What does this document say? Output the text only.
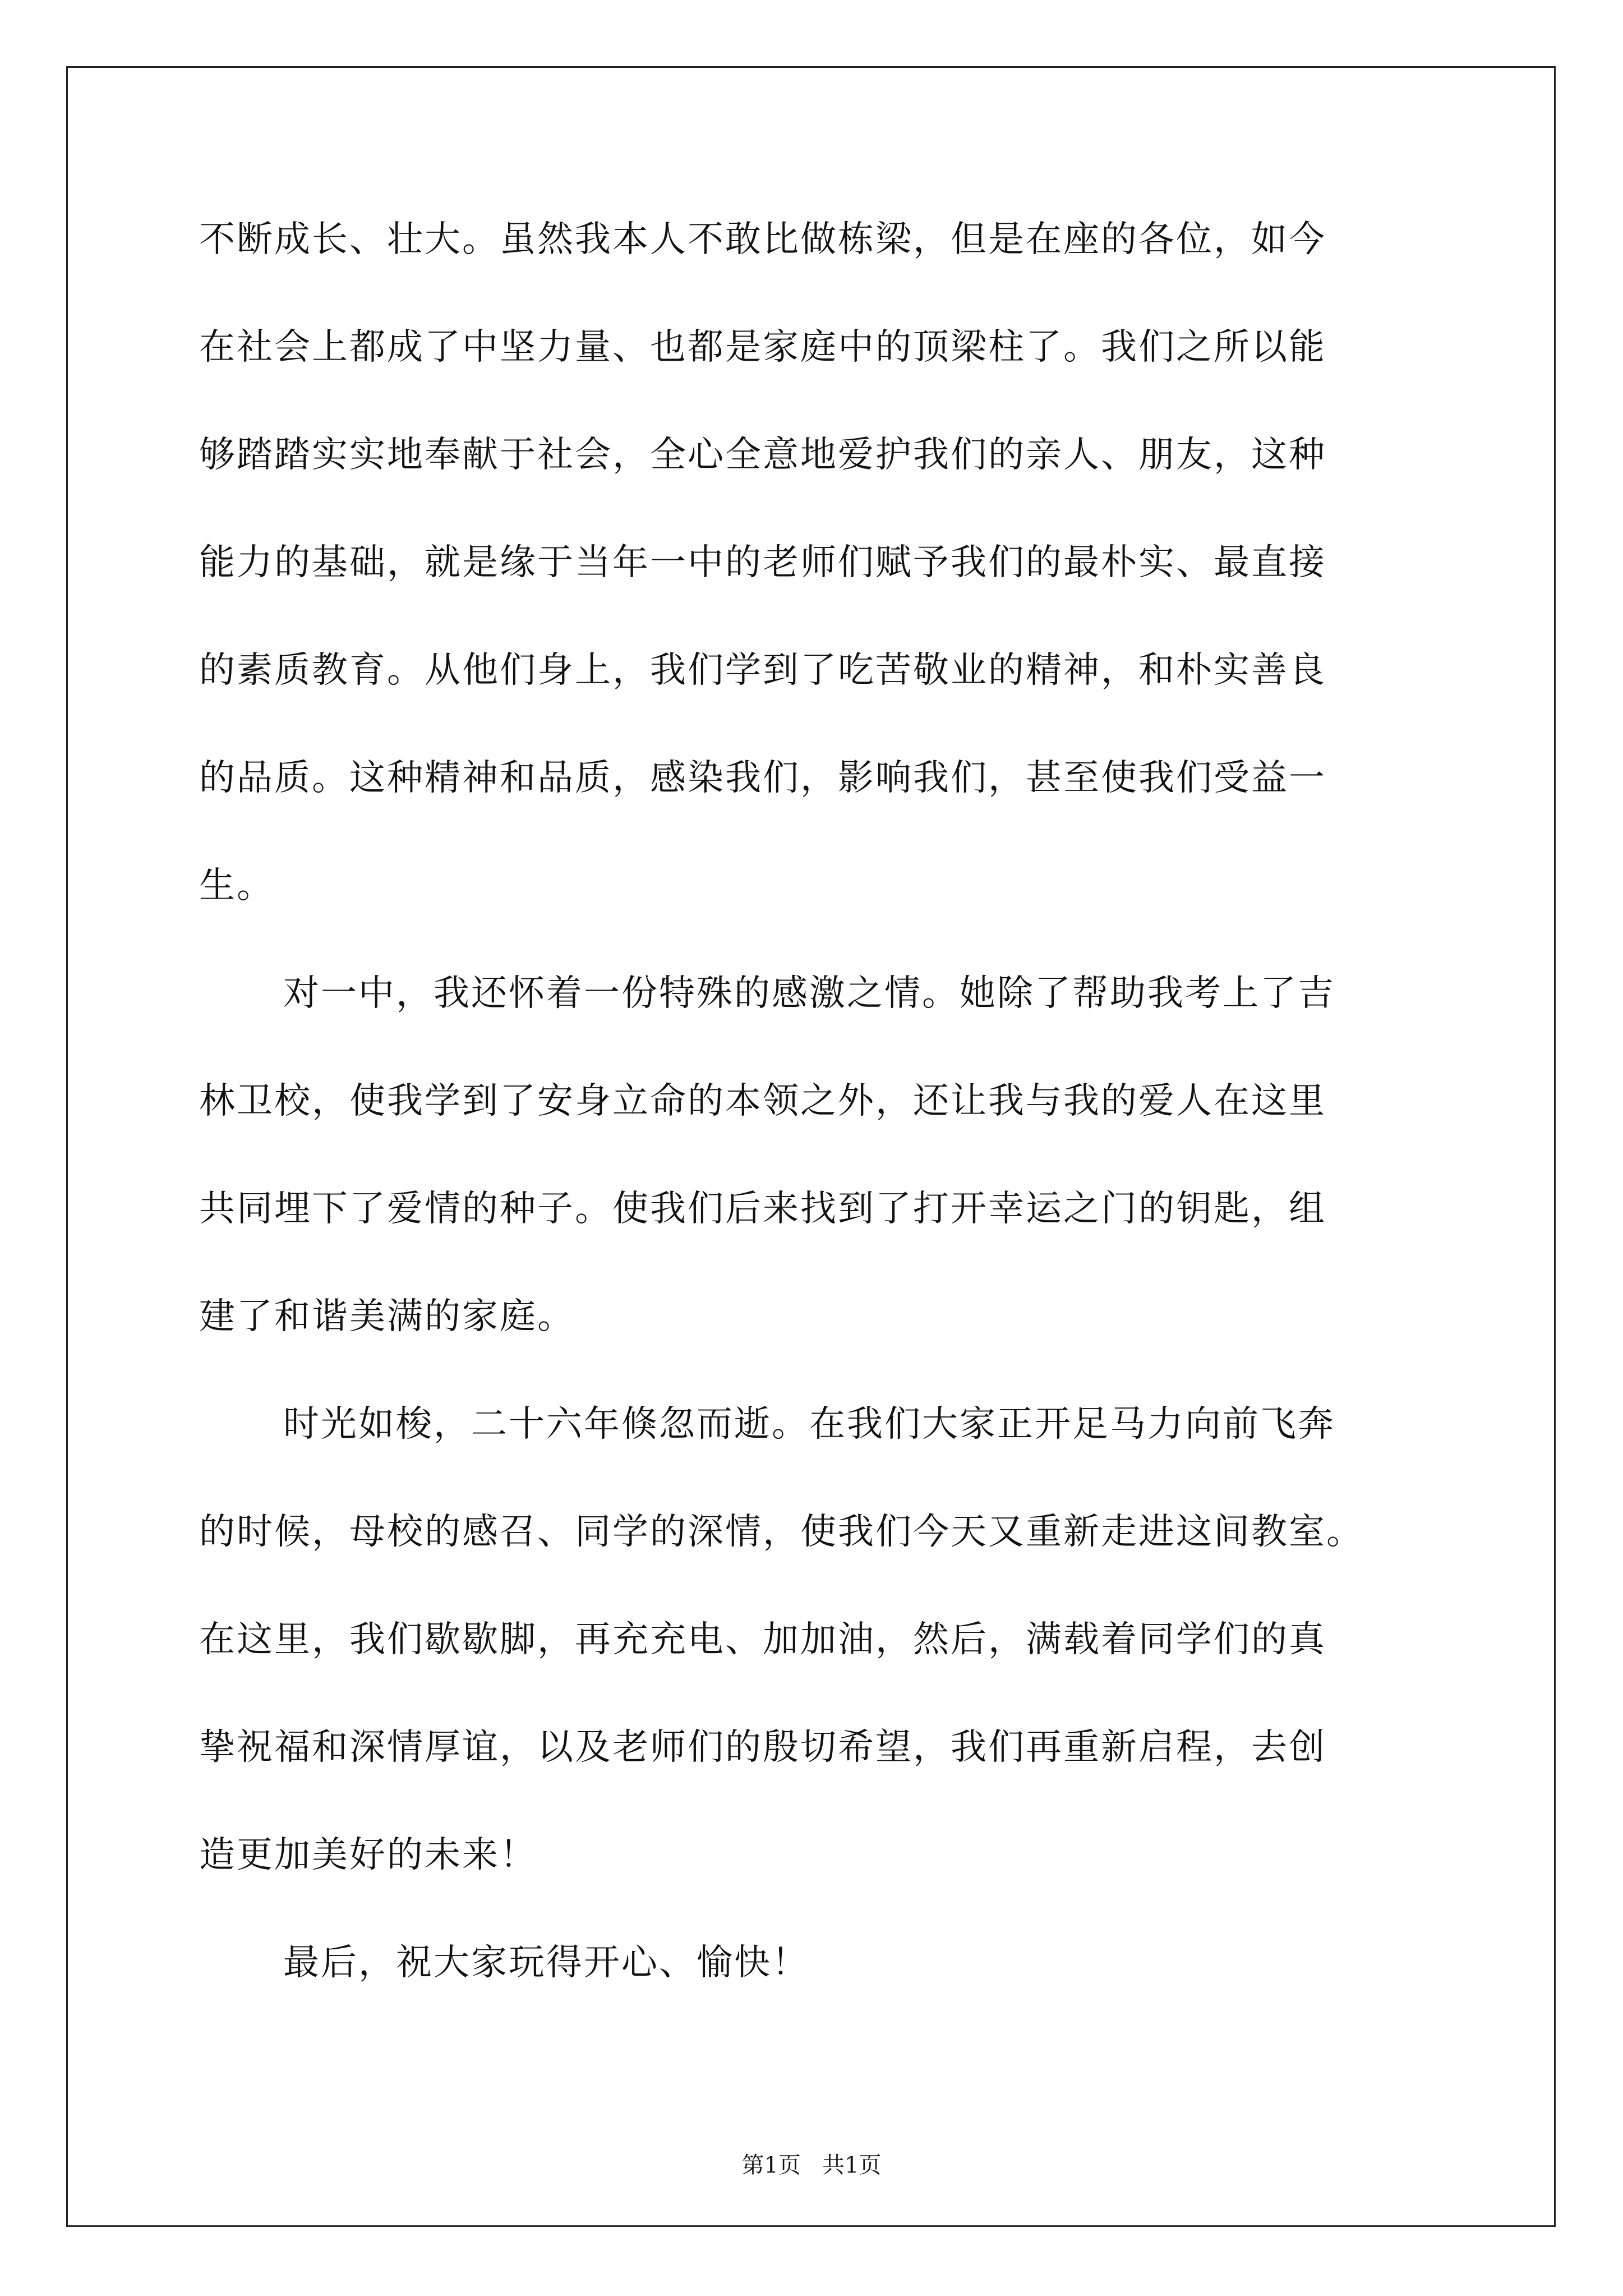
不断成长、壮大。虽然我本人不敢比做栋梁，但是在座的各位，如今
在社会上都成了中坚力量、也都是家庭中的顶梁柱了。我们之所以能
够踏踏实实地奉献于社会，全心全意地爱护我们的亲人、朋友，这种
能力的基础，就是缘于当年一中的老师们赋予我们的最朴实、最直接
的素质教育。从他们身上，我们学到了吃苦敬业的精神，和朴实善良
的品质。这种精神和品质，感染我们，影响我们，甚至使我们受益一
生。
对一中，我还怀着一份特殊的感激之情。她除了帮助我考上了吉
林卫校，使我学到了安身立命的本领之外，还让我与我的爱人在这里
共同埋下了爱情的种子。使我们后来找到了打开幸运之门的钥匙，组
建了和谐美满的家庭。
时光如梭，二十六年倏忽而逝。在我们大家正开足马力向前飞奔
的时候，母校的感召、同学的深情，使我们今天又重新走进这间教室。
在这里，我们歇歇脚，再充充电、加加油，然后，满载着同学们的真
挚祝福和深情厚谊，以及老师们的殷切希望，我们再重新启程，去创
造更加美好的未来！
最后，祝大家玩得开心、愉快！
第1页   共1页
